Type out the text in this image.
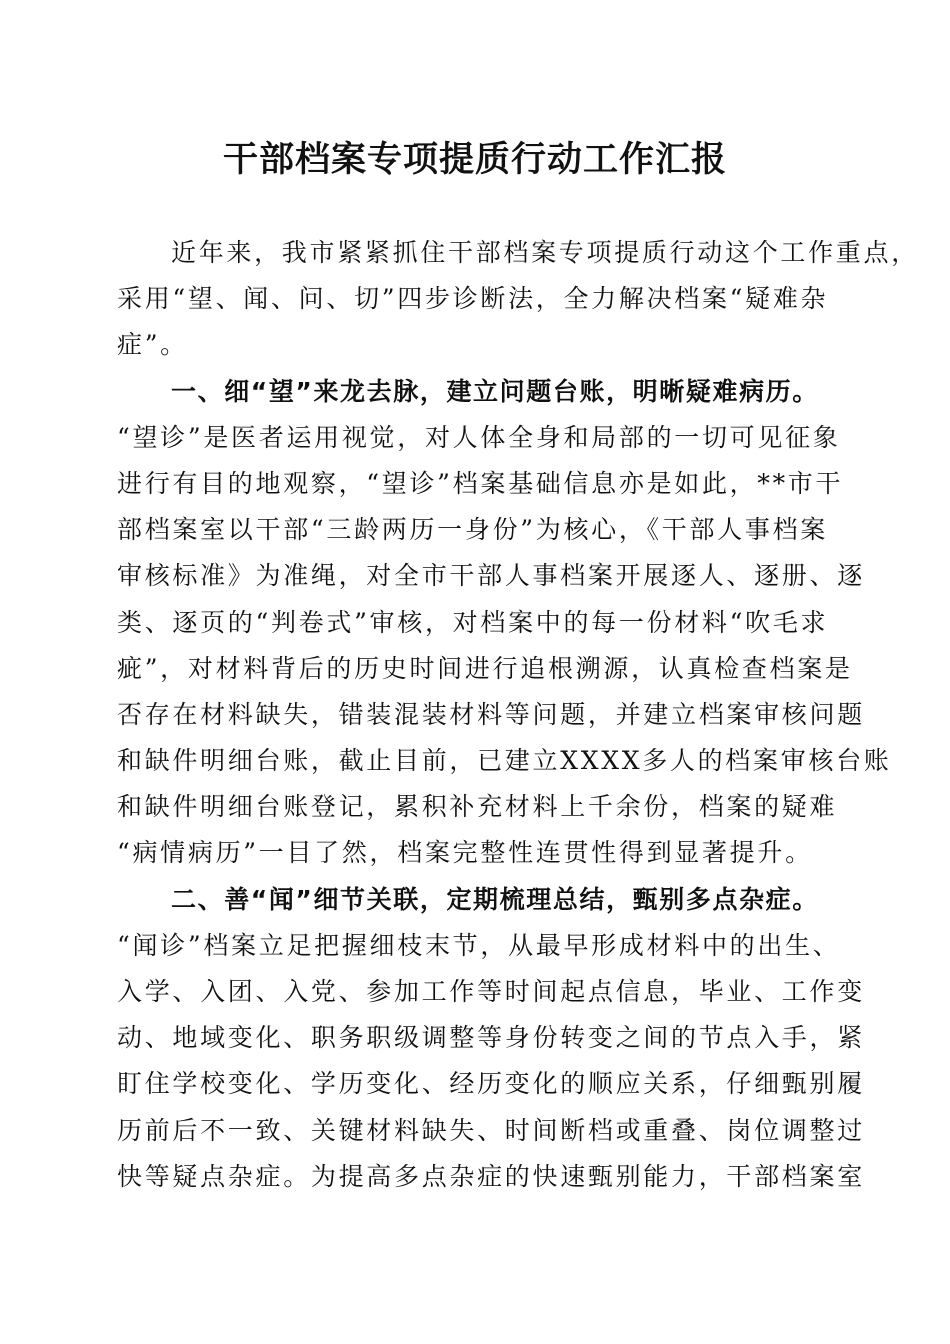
干部档案专项提质行动工作汇报
近年来，我市紧紧抓住干部档案专项提质行动这个工作重点，
采用“望、闻、问、切”四步诊断法，全力解决档案“疑难杂
症”。
一、细“望”来龙去脉，建立问题台账，明晰疑难病历。
“望诊”是医者运用视觉，对人体全身和局部的一切可见征象
进行有目的地观察，“望诊”档案基础信息亦是如此，**市干
部档案室以干部“三龄两历一身份”为核心，《干部人事档案
审核标准》为准绳，对全市干部人事档案开展逐人、逐册、逐
类、逐页的“判卷式”审核，对档案中的每一份材料“吹毛求
疵”，对材料背后的历史时间进行追根溯源，认真检查档案是
否存在材料缺失，错装混装材料等问题，并建立档案审核问题
和缺件明细台账，截止目前，已建立XXXX多人的档案审核台账
和缺件明细台账登记，累积补充材料上千余份，档案的疑难
“病情病历”一目了然，档案完整性连贯性得到显著提升。
二、善“闻”细节关联，定期梳理总结，甄别多点杂症。
“闻诊”档案立足把握细枝末节，从最早形成材料中的出生、
入学、入团、入党、参加工作等时间起点信息，毕业、工作变
动、地域变化、职务职级调整等身份转变之间的节点入手，紧
盯住学校变化、学历变化、经历变化的顺应关系，仔细甄别履
历前后不一致、关键材料缺失、时间断档或重叠、岗位调整过
快等疑点杂症。为提高多点杂症的快速甄别能力，干部档案室
